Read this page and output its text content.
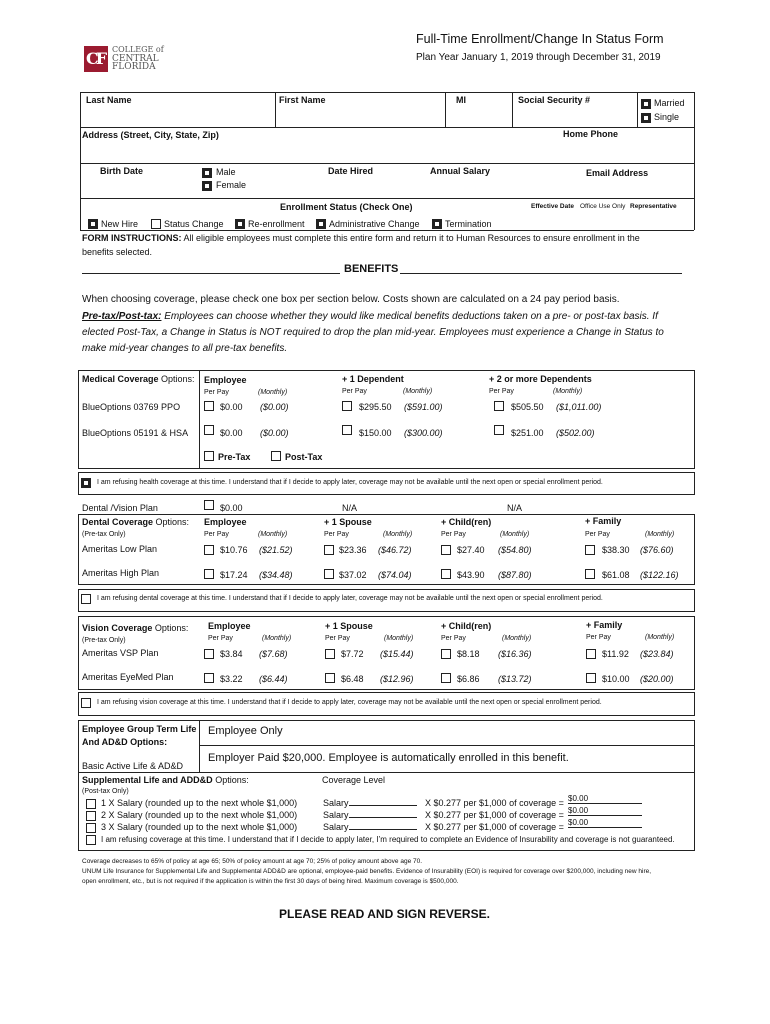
CF COLLEGE of
CENTRAL
FLORIDA
Full-Time Enrollment/Change In Status Form
Plan Year January 1, 2019 through December 31, 2019
Last Name	First Name	MI	Social Security #	Married
Single
Address (Street, City, State, Zip)	Home Phone
Birth Date	Male
Female
Date Hired	Annual Salary	Email Address
Enrollment Status (Check One)	Effective Date Office Use Only Representative
New Hire	Status Change	Re-enrollment	Administrative Change	Termination
FORM INSTRUCTIONS: All eligible employees must complete this entire form and return it to Human Resources to ensure enrollment in the
benefits selected.
BENEFITS
When choosing coverage, please check one box per section below. Costs shown are calculated on a 24 pay period basis.
Pre-tax/Post-tax: Employees can choose whether they would like medical benefits deductions taken on a pre- or post-tax basis. If
elected Post-Tax, a Change in Status is NOT required to drop the plan mid-year. Employees must experience a Change in Status to
make mid-year changes to all pre-tax benefits.
Medical Coverage Options: Employee	+ 1 Dependent	+ 2 or more Dependents
Per Pay	(Monthly)	Per Pay	(Monthly)	Per Pay	(Monthly)
BlueOptions 03769 PPO	$0.00 ($0.00)	$295.50 ($591.00)	$505.50 ($1,011.00)
BlueOptions 05191 & HSA	$0.00 ($0.00)	$150.00 ($300.00)	$251.00 ($502.00)
Pre-Tax	Post-Tax
I am refusing health coverage at this time. I understand that if I decide to apply later, coverage may not be available until the next open or special enrollment period.
Dental /Vision Plan	$0.00	N/A	N/A
Dental Coverage Options:
(Pre-tax Only)
Employee	+ 1 Spouse	+ Child(ren)	+ Family
Per Pay	(Monthly)	Per Pay	(Monthly)	Per Pay	(Monthly)	Per Pay	(Monthly)
Ameritas Low Plan	$10.76 ($21.52)	$23.36 ($46.72)	$27.40 ($54.80)	$38.30 ($76.60)
Ameritas High Plan	$17.24 ($34.48)	$37.02 ($74.04)	$43.90 ($87.80)	$61.08 ($122.16)
I am refusing dental coverage at this time. I understand that if I decide to apply later, coverage may not be available until the next open or special enrollment period.
Vision Coverage Options:
(Pre-tax Only)
Employee	+ 1 Spouse	+ Child(ren)	+ Family
Per Pay	(Monthly)	Per Pay	(Monthly)	Per Pay	(Monthly)	Per Pay	(Monthly)
Ameritas VSP Plan	$3.84 ($7.68)	$7.72 ($15.44)	$8.18 ($16.36)	$11.92 ($23.84)
Ameritas EyeMed Plan	$3.22 ($6.44)	$6.48 ($12.96)	$6.86 ($13.72)	$10.00 ($20.00)
I am refusing vision coverage at this time. I understand that if I decide to apply later, coverage may not be available until the next open or special enrollment period.
Employee Group Term Life
And AD&D Options:
Employee Only
Employer Paid $20,000. Employee is automatically enrolled in this benefit.
Basic Active Life & AD&D
Supplemental Life and ADD&D Options:	Coverage Level
(Post-tax Only)
1 X Salary (rounded up to the next whole $1,000)	Salary	X $0.277 per $1,000 of coverage = $0.00
2 X Salary (rounded up to the next whole $1,000)	Salary	X $0.277 per $1,000 of coverage = $0.00
3 X Salary (rounded up to the next whole $1,000)	Salary	X $0.277 per $1,000 of coverage = $0.00
I am refusing coverage at this time. I understand that if I decide to apply later, I’m required to complete an Evidence of Insurability and coverage is not guaranteed.
Coverage decreases to 65% of policy at age 65; 50% of policy amount at age 70; 25% of policy amount above age 70.
UNUM Life Insurance for Supplemental Life and Supplemental ADD&D are optional, employee-paid benefits. Evidence of Insurability (EOI) is required for coverage over $200,000, including new hire,
open enrollment, etc., but is not required if the application is within the first 30 days of being hired. Maximum coverage is $500,000.
PLEASE READ AND SIGN REVERSE.
